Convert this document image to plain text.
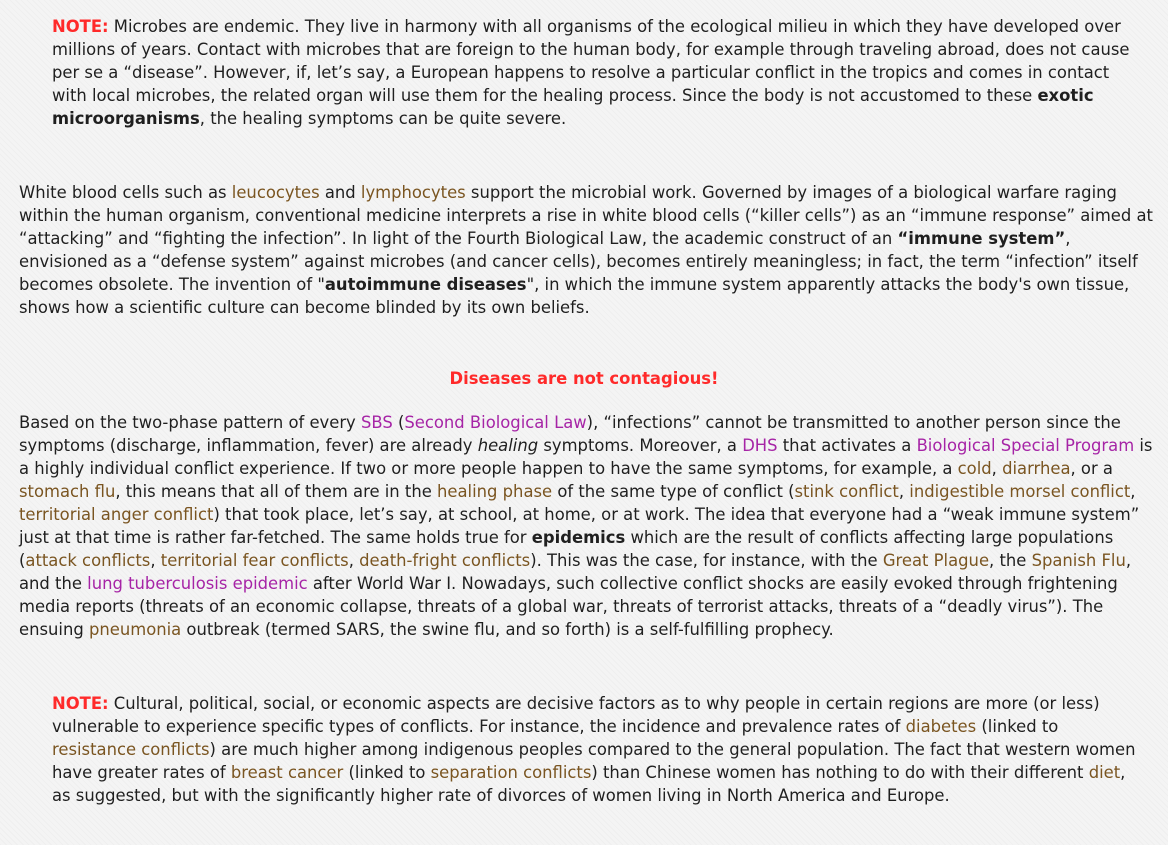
NOTE: Microbes are endemic. They live in harmony with all organisms of the ecological milieu in which they have developed over millions of years. Contact with microbes that are foreign to the human body, for example through traveling abroad, does not cause per se a “disease”. However, if, let’s say, a European happens to resolve a particular conflict in the tropics and comes in contact with local microbes, the related organ will use them for the healing process. Since the body is not accustomed to these exotic microorganisms, the healing symptoms can be quite severe.

White blood cells such as leucocytes and lymphocytes support the microbial work. Governed by images of a biological warfare raging within the human organism, conventional medicine interprets a rise in white blood cells (“killer cells”) as an “immune response” aimed at “attacking” and “fighting the infection”. In light of the Fourth Biological Law, the academic construct of an “immune system”, envisioned as a “defense system” against microbes (and cancer cells), becomes entirely meaningless; in fact, the term “infection” itself becomes obsolete. The invention of "autoimmune diseases", in which the immune system apparently attacks the body's own tissue, shows how a scientific culture can become blinded by its own beliefs.

Diseases are not contagious!

Based on the two-phase pattern of every SBS (Second Biological Law), “infections” cannot be transmitted to another person since the symptoms (discharge, inflammation, fever) are already healing symptoms. Moreover, a DHS that activates a Biological Special Program is a highly individual conflict experience. If two or more people happen to have the same symptoms, for example, a cold, diarrhea, or a stomach flu, this means that all of them are in the healing phase of the same type of conflict (stink conflict, indigestible morsel conflict, territorial anger conflict) that took place, let’s say, at school, at home, or at work. The idea that everyone had a “weak immune system” just at that time is rather far-fetched. The same holds true for epidemics which are the result of conflicts affecting large populations (attack conflicts, territorial fear conflicts, death-fright conflicts). This was the case, for instance, with the Great Plague, the Spanish Flu, and the lung tuberculosis epidemic after World War I. Nowadays, such collective conflict shocks are easily evoked through frightening media reports (threats of an economic collapse, threats of a global war, threats of terrorist attacks, threats of a “deadly virus”). The ensuing pneumonia outbreak (termed SARS, the swine flu, and so forth) is a self-fulfilling prophecy.

NOTE: Cultural, political, social, or economic aspects are decisive factors as to why people in certain regions are more (or less) vulnerable to experience specific types of conflicts. For instance, the incidence and prevalence rates of diabetes (linked to resistance conflicts) are much higher among indigenous peoples compared to the general population. The fact that western women have greater rates of breast cancer (linked to separation conflicts) than Chinese women has nothing to do with their different diet, as suggested, but with the significantly higher rate of divorces of women living in North America and Europe.
